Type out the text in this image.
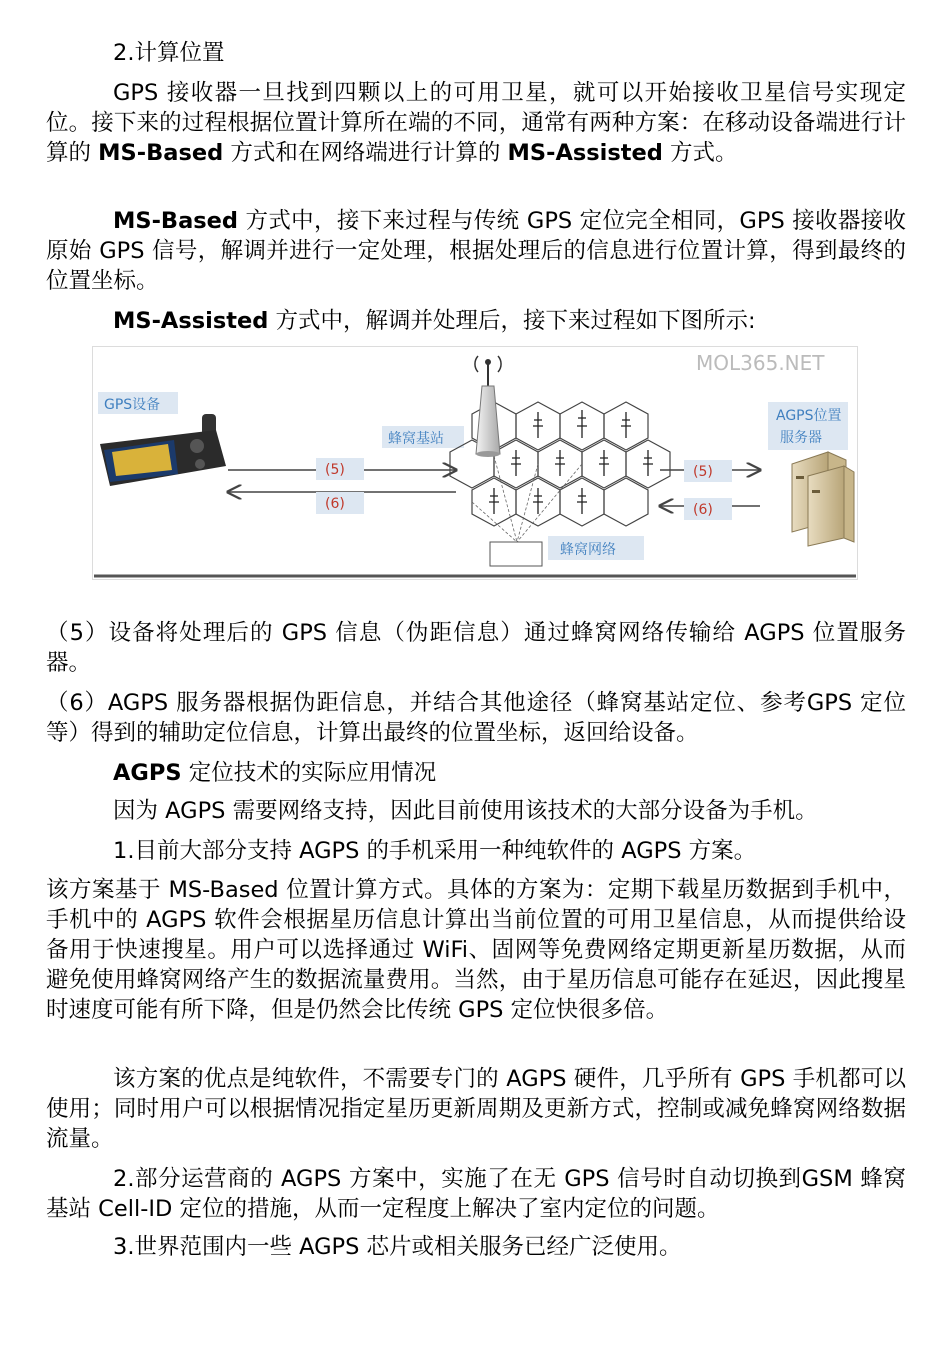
2.计算位置

GPS 接收器一旦找到四颗以上的可用卫星，就可以开始接收卫星信号实现定位。接下来的过程根据位置计算所在端的不同，通常有两种方案：在移动设备端进行计算的 MS-Based 方式和在网络端进行计算的 MS-Assisted 方式。

MS-Based 方式中，接下来过程与传统 GPS 定位完全相同，GPS 接收器接收原始 GPS 信号，解调并进行一定处理，根据处理后的信息进行位置计算，得到最终的位置坐标。

MS-Assisted 方式中，解调并处理后，接下来过程如下图所示:

MOL365.NET
GPS设备
(5)
(6)
蜂窝基站
蜂窝网络
(5)
(6)
AGPS位置 服务器

（5）设备将处理后的 GPS 信息（伪距信息）通过蜂窝网络传输给 AGPS 位置服务器。

（6）AGPS 服务器根据伪距信息，并结合其他途径（蜂窝基站定位、参考GPS 定位等）得到的辅助定位信息，计算出最终的位置坐标，返回给设备。

AGPS 定位技术的实际应用情况

因为 AGPS 需要网络支持，因此目前使用该技术的大部分设备为手机。

1.目前大部分支持 AGPS 的手机采用一种纯软件的 AGPS 方案。

该方案基于 MS-Based 位置计算方式。具体的方案为：定期下载星历数据到手机中，手机中的 AGPS 软件会根据星历信息计算出当前位置的可用卫星信息，从而提供给设备用于快速搜星。用户可以选择通过 WiFi、固网等免费网络定期更新星历数据，从而避免使用蜂窝网络产生的数据流量费用。当然，由于星历信息可能存在延迟，因此搜星时速度可能有所下降，但是仍然会比传统 GPS 定位快很多倍。

该方案的优点是纯软件，不需要专门的 AGPS 硬件，几乎所有 GPS 手机都可以使用；同时用户可以根据情况指定星历更新周期及更新方式，控制或减免蜂窝网络数据流量。

2.部分运营商的 AGPS 方案中，实施了在无 GPS 信号时自动切换到GSM 蜂窝基站 Cell-ID 定位的措施，从而一定程度上解决了室内定位的问题。

3.世界范围内一些 AGPS 芯片或相关服务已经广泛使用。
